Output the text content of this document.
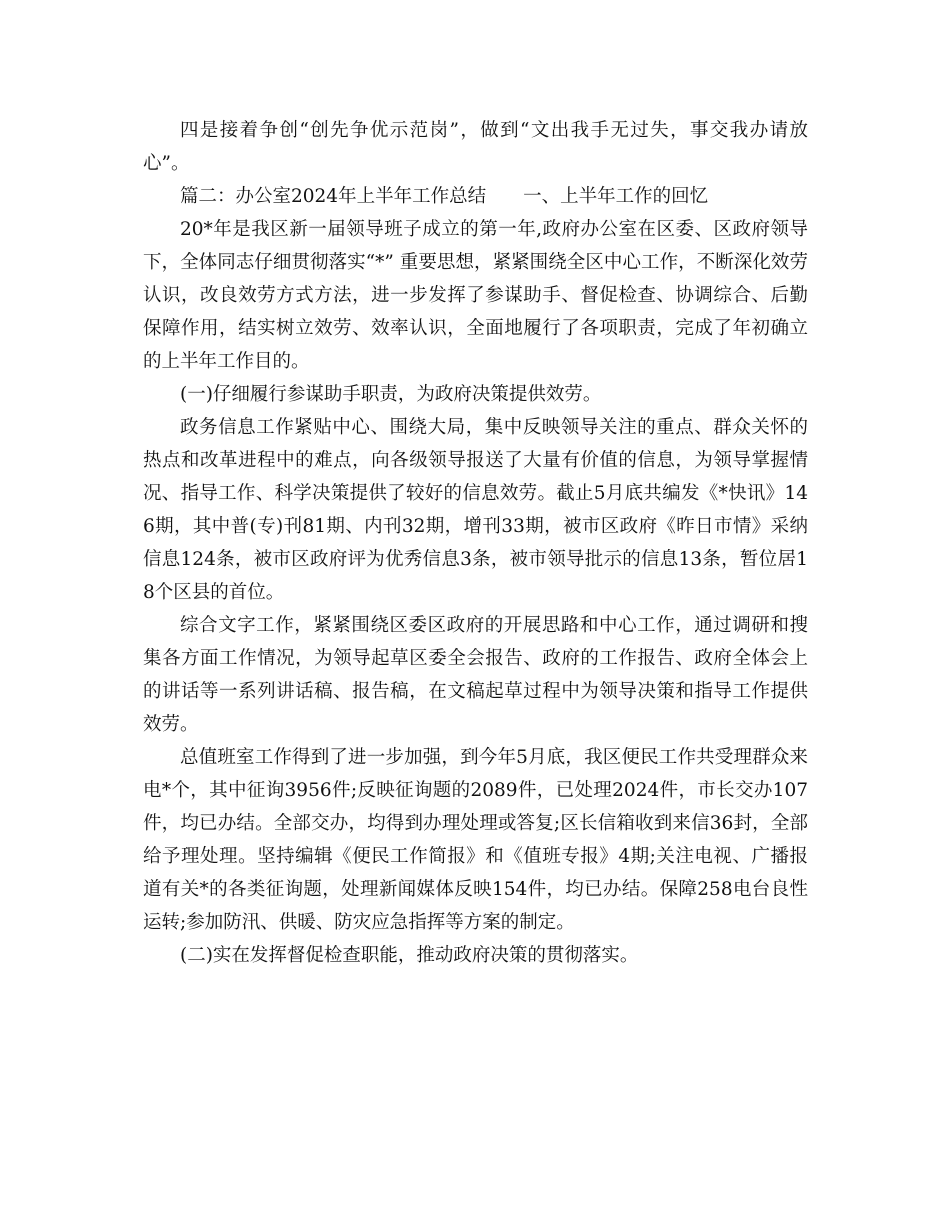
四是接着争创“创先争优示范岗”，做到“文出我手无过失，事交我办请放心”。

篇二：办公室2024年上半年工作总结　　一、上半年工作的回忆

20*年是我区新一届领导班子成立的第一年,政府办公室在区委、区政府领导下，全体同志仔细贯彻落实“*” 重要思想，紧紧围绕全区中心工作，不断深化效劳认识，改良效劳方式方法，进一步发挥了参谋助手、督促检查、协调综合、后勤保障作用，结实树立效劳、效率认识，全面地履行了各项职责，完成了年初确立的上半年工作目的。

(一)仔细履行参谋助手职责，为政府决策提供效劳。

政务信息工作紧贴中心、围绕大局，集中反映领导关注的重点、群众关怀的热点和改革进程中的难点，向各级领导报送了大量有价值的信息，为领导掌握情况、指导工作、科学决策提供了较好的信息效劳。截止5月底共编发《*快讯》146期，其中普(专)刊81期、内刊32期，增刊33期，被市区政府《昨日市情》采纳信息124条，被市区政府评为优秀信息3条，被市领导批示的信息13条，暂位居18个区县的首位。

综合文字工作，紧紧围绕区委区政府的开展思路和中心工作，通过调研和搜集各方面工作情况，为领导起草区委全会报告、政府的工作报告、政府全体会上的讲话等一系列讲话稿、报告稿，在文稿起草过程中为领导决策和指导工作提供效劳。

总值班室工作得到了进一步加强，到今年5月底，我区便民工作共受理群众来电*个，其中征询3956件;反映征询题的2089件，已处理2024件，市长交办107件，均已办结。全部交办，均得到办理处理或答复;区长信箱收到来信36封，全部给予理处理。坚持编辑《便民工作简报》和《值班专报》4期;关注电视、广播报道有关*的各类征询题，处理新闻媒体反映154件，均已办结。保障258电台良性运转;参加防汛、供暖、防灾应急指挥等方案的制定。

(二)实在发挥督促检查职能，推动政府决策的贯彻落实。
